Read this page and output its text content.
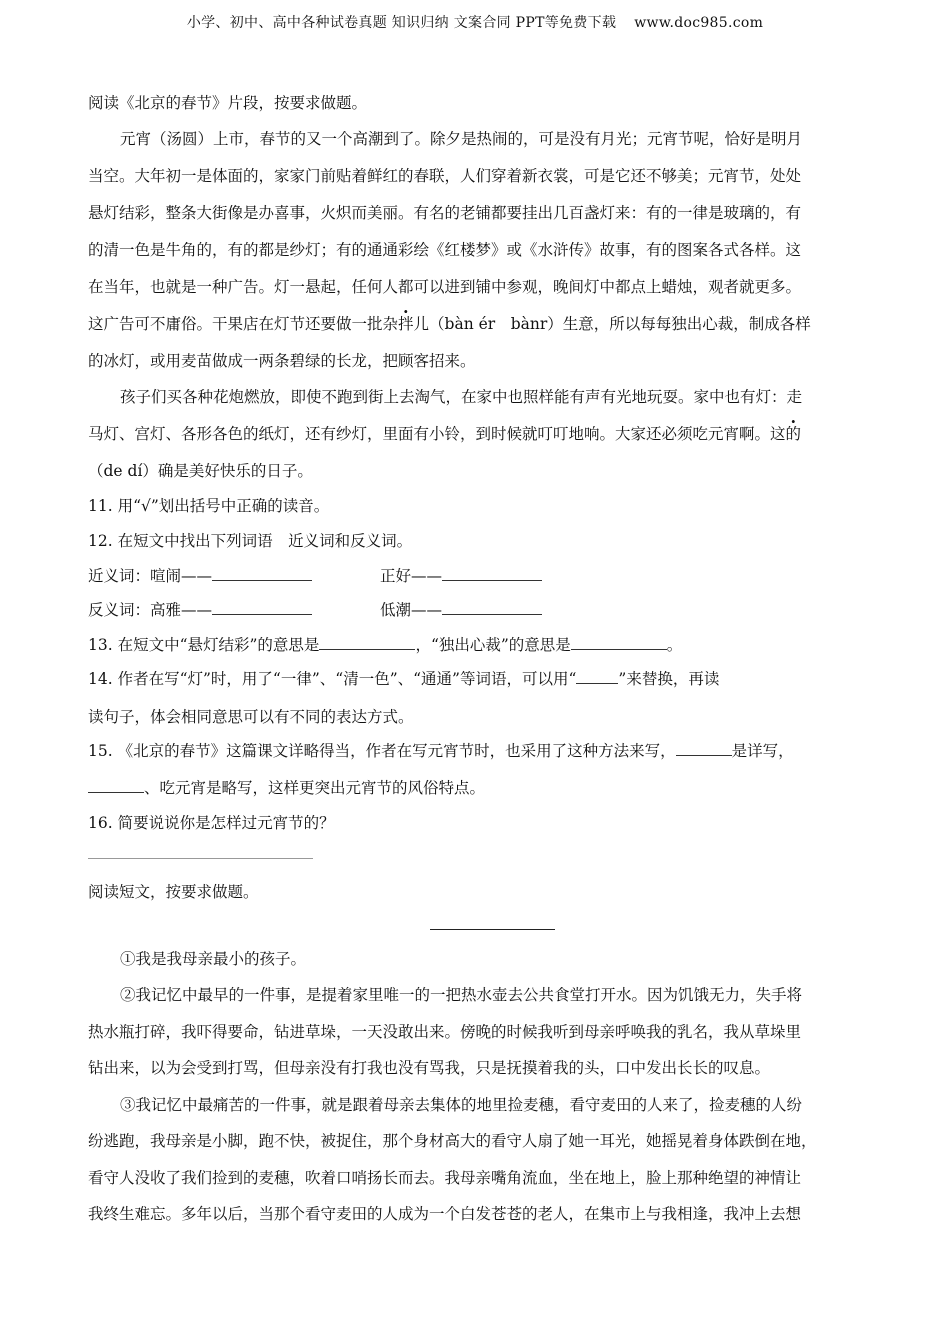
小学、初中、高中各种试卷真题 知识归纳 文案合同 PPT等免费下载 www.doc985.com
阅读《北京的春节》片段，按要求做题。
元宵（汤圆）上市，春节的又一个高潮到了。除夕是热闹的，可是没有月光；元宵节呢，恰好是明月
当空。大年初一是体面的，家家门前贴着鲜红的春联，人们穿着新衣裳，可是它还不够美；元宵节，处处
悬灯结彩，整条大街像是办喜事，火炽而美丽。有名的老铺都要挂出几百盏灯来：有的一律是玻璃的，有
的清一色是牛角的，有的都是纱灯；有的通通彩绘《红楼梦》或《水浒传》故事，有的图案各式各样。这
在当年，也就是一种广告。灯一悬起，任何人都可以进到铺中参观，晚间灯中都点上蜡烛，观者就更多。
这广告可不庸俗。干果店在灯节还要做一批杂拌儿（bàn ér　bànr）生意，所以每每独出心裁，制成各样
的冰灯，或用麦苗做成一两条碧绿的长龙，把顾客招来。
孩子们买各种花炮燃放，即使不跑到街上去淘气，在家中也照样能有声有光地玩耍。家中也有灯：走
马灯、宫灯、各形各色的纸灯，还有纱灯，里面有小铃，到时候就叮叮地响。大家还必须吃元宵啊。这的
（de dí）确是美好快乐的日子。
11. 用“√”划出括号中正确的读音。
12. 在短文中找出下列词语　近义词和反义词。
近义词：喧闹——	正好——
反义词：高雅——	低潮——
13. 在短文中“悬灯结彩”的意思是	，“独出心裁”的意思是	。
14. 作者在写“灯”时，用了“一律”、“清一色”、“通通”等词语，可以用“	”来替换，再读
读句子，体会相同意思可以有不同的表达方式。
15. 《北京的春节》这篇课文详略得当，作者在写元宵节时，也采用了这种方法来写，	是详写，
、吃元宵是略写，这样更突出元宵节的风俗特点。
16. 简要说说你是怎样过元宵节的？
阅读短文，按要求做题。
①我是我母亲最小的孩子。
②我记忆中最早的一件事，是提着家里唯一的一把热水壶去公共食堂打开水。因为饥饿无力，失手将
热水瓶打碎，我吓得要命，钻进草垛，一天没敢出来。傍晚的时候我听到母亲呼唤我的乳名，我从草垛里
钻出来，以为会受到打骂，但母亲没有打我也没有骂我，只是抚摸着我的头，口中发出长长的叹息。
③我记忆中最痛苦的一件事，就是跟着母亲去集体的地里捡麦穗，看守麦田的人来了，捡麦穗的人纷
纷逃跑，我母亲是小脚，跑不快，被捉住，那个身材高大的看守人扇了她一耳光，她摇晃着身体跌倒在地，
看守人没收了我们捡到的麦穗，吹着口哨扬长而去。我母亲嘴角流血，坐在地上，脸上那种绝望的神情让
我终生难忘。多年以后，当那个看守麦田的人成为一个白发苍苍的老人，在集市上与我相逢，我冲上去想
